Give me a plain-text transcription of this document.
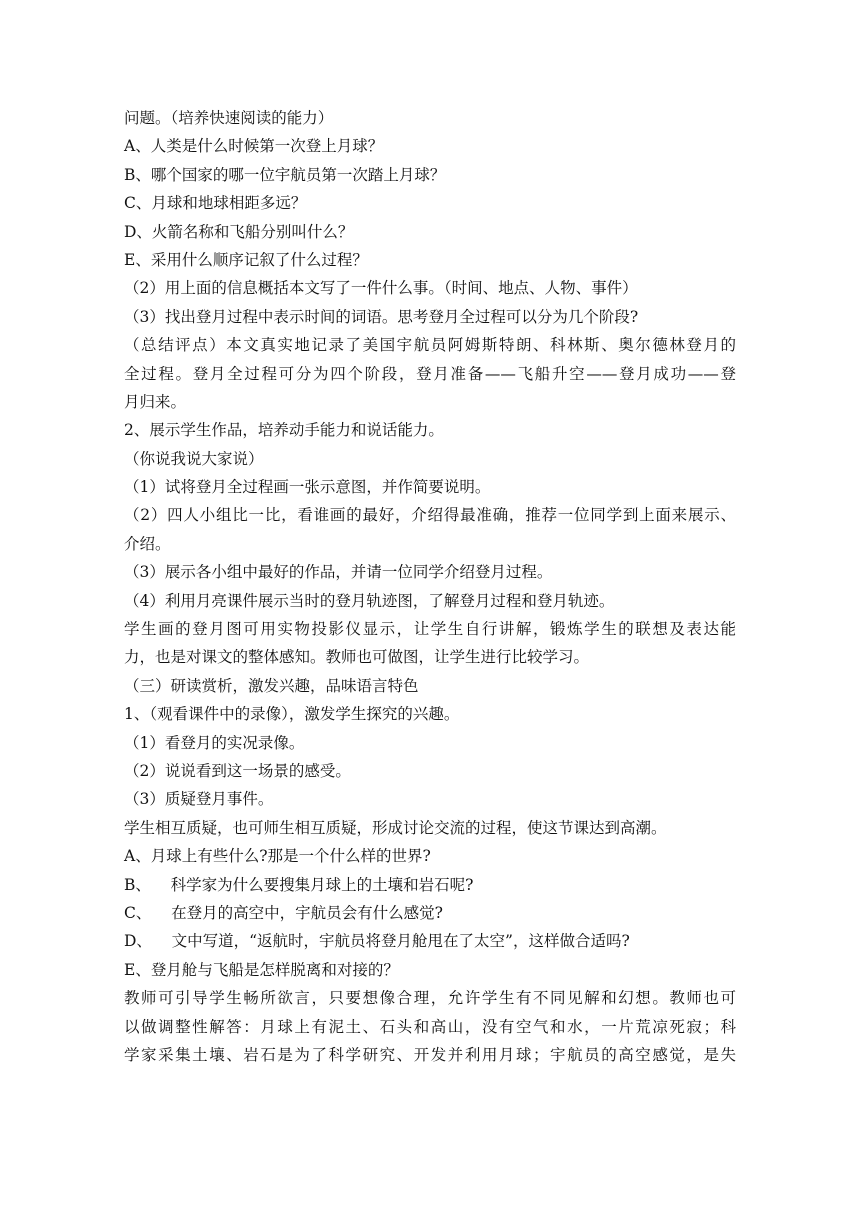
问题。（培养快速阅读的能力）
A、人类是什么时候第一次登上月球？
B、哪个国家的哪一位宇航员第一次踏上月球？
C、月球和地球相距多远？
D、火箭名称和飞船分别叫什么？
E、采用什么顺序记叙了什么过程？
（2）用上面的信息概括本文写了一件什么事。（时间、地点、人物、事件）
（3）找出登月过程中表示时间的词语。思考登月全过程可以分为几个阶段?
（总结评点）本文真实地记录了美国宇航员阿姆斯特朗、科林斯、奥尔德林登月的
全过程。登月全过程可分为四个阶段，登月准备——飞船升空——登月成功——登
月归来。
2、展示学生作品，培养动手能力和说话能力。
（你说我说大家说）
（1）试将登月全过程画一张示意图，并作简要说明。
（2）四人小组比一比，看谁画的最好，介绍得最准确，推荐一位同学到上面来展示、
介绍。
（3）展示各小组中最好的作品，并请一位同学介绍登月过程。
（4）利用月亮课件展示当时的登月轨迹图，了解登月过程和登月轨迹。
学生画的登月图可用实物投影仪显示，让学生自行讲解，锻炼学生的联想及表达能
力，也是对课文的整体感知。教师也可做图，让学生进行比较学习。
（三）研读赏析，激发兴趣，品味语言特色
1、（观看课件中的录像），激发学生探究的兴趣。
（1）看登月的实况录像。
（2）说说看到这一场景的感受。
（3）质疑登月事件。
学生相互质疑，也可师生相互质疑，形成讨论交流的过程，使这节课达到高潮。
A、月球上有些什么?那是一个什么样的世界?
B、    科学家为什么要搜集月球上的土壤和岩石呢?
C、    在登月的高空中，宇航员会有什么感觉?
D、    文中写道，“返航时，宇航员将登月舱甩在了太空”，这样做合适吗?
E、登月舱与飞船是怎样脱离和对接的？
教师可引导学生畅所欲言，只要想像合理，允许学生有不同见解和幻想。教师也可
以做调整性解答：月球上有泥土、石头和高山，没有空气和水，一片荒凉死寂；科
学家采集土壤、岩石是为了科学研究、开发并利用月球；宇航员的高空感觉，是失
